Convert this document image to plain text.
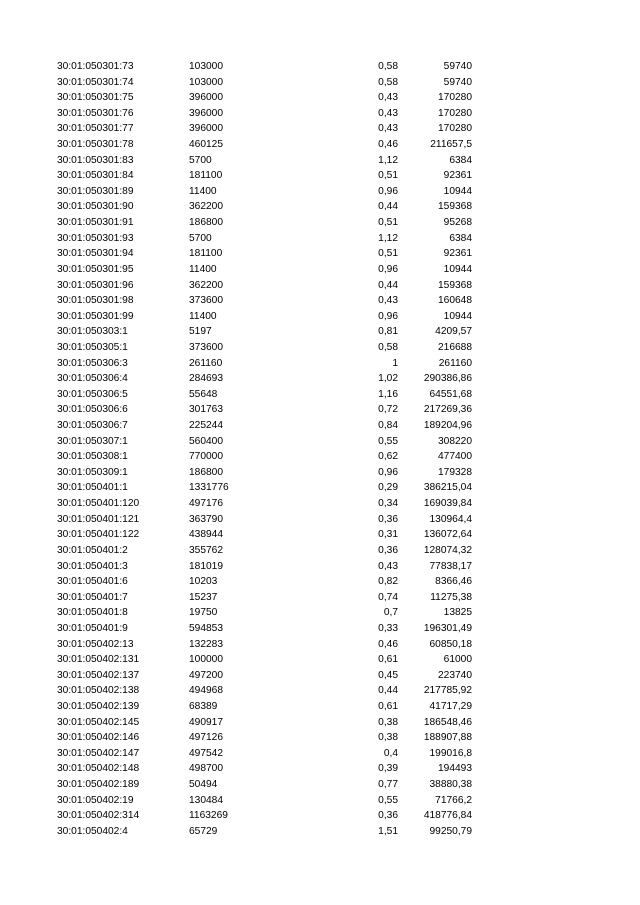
30:01:050301:73	103000	0,58	59740
30:01:050301:74	103000	0,58	59740
30:01:050301:75	396000	0,43	170280
30:01:050301:76	396000	0,43	170280
30:01:050301:77	396000	0,43	170280
30:01:050301:78	460125	0,46	211657,5
30:01:050301:83	5700	1,12	6384
30:01:050301:84	181100	0,51	92361
30:01:050301:89	11400	0,96	10944
30:01:050301:90	362200	0,44	159368
30:01:050301:91	186800	0,51	95268
30:01:050301:93	5700	1,12	6384
30:01:050301:94	181100	0,51	92361
30:01:050301:95	11400	0,96	10944
30:01:050301:96	362200	0,44	159368
30:01:050301:98	373600	0,43	160648
30:01:050301:99	11400	0,96	10944
30:01:050303:1	5197	0,81	4209,57
30:01:050305:1	373600	0,58	216688
30:01:050306:3	261160	1	261160
30:01:050306:4	284693	1,02	290386,86
30:01:050306:5	55648	1,16	64551,68
30:01:050306:6	301763	0,72	217269,36
30:01:050306:7	225244	0,84	189204,96
30:01:050307:1	560400	0,55	308220
30:01:050308:1	770000	0,62	477400
30:01:050309:1	186800	0,96	179328
30:01:050401:1	1331776	0,29	386215,04
30:01:050401:120	497176	0,34	169039,84
30:01:050401:121	363790	0,36	130964,4
30:01:050401:122	438944	0,31	136072,64
30:01:050401:2	355762	0,36	128074,32
30:01:050401:3	181019	0,43	77838,17
30:01:050401:6	10203	0,82	8366,46
30:01:050401:7	15237	0,74	11275,38
30:01:050401:8	19750	0,7	13825
30:01:050401:9	594853	0,33	196301,49
30:01:050402:13	132283	0,46	60850,18
30:01:050402:131	100000	0,61	61000
30:01:050402:137	497200	0,45	223740
30:01:050402:138	494968	0,44	217785,92
30:01:050402:139	68389	0,61	41717,29
30:01:050402:145	490917	0,38	186548,46
30:01:050402:146	497126	0,38	188907,88
30:01:050402:147	497542	0,4	199016,8
30:01:050402:148	498700	0,39	194493
30:01:050402:189	50494	0,77	38880,38
30:01:050402:19	130484	0,55	71766,2
30:01:050402:314	1163269	0,36	418776,84
30:01:050402:4	65729	1,51	99250,79
